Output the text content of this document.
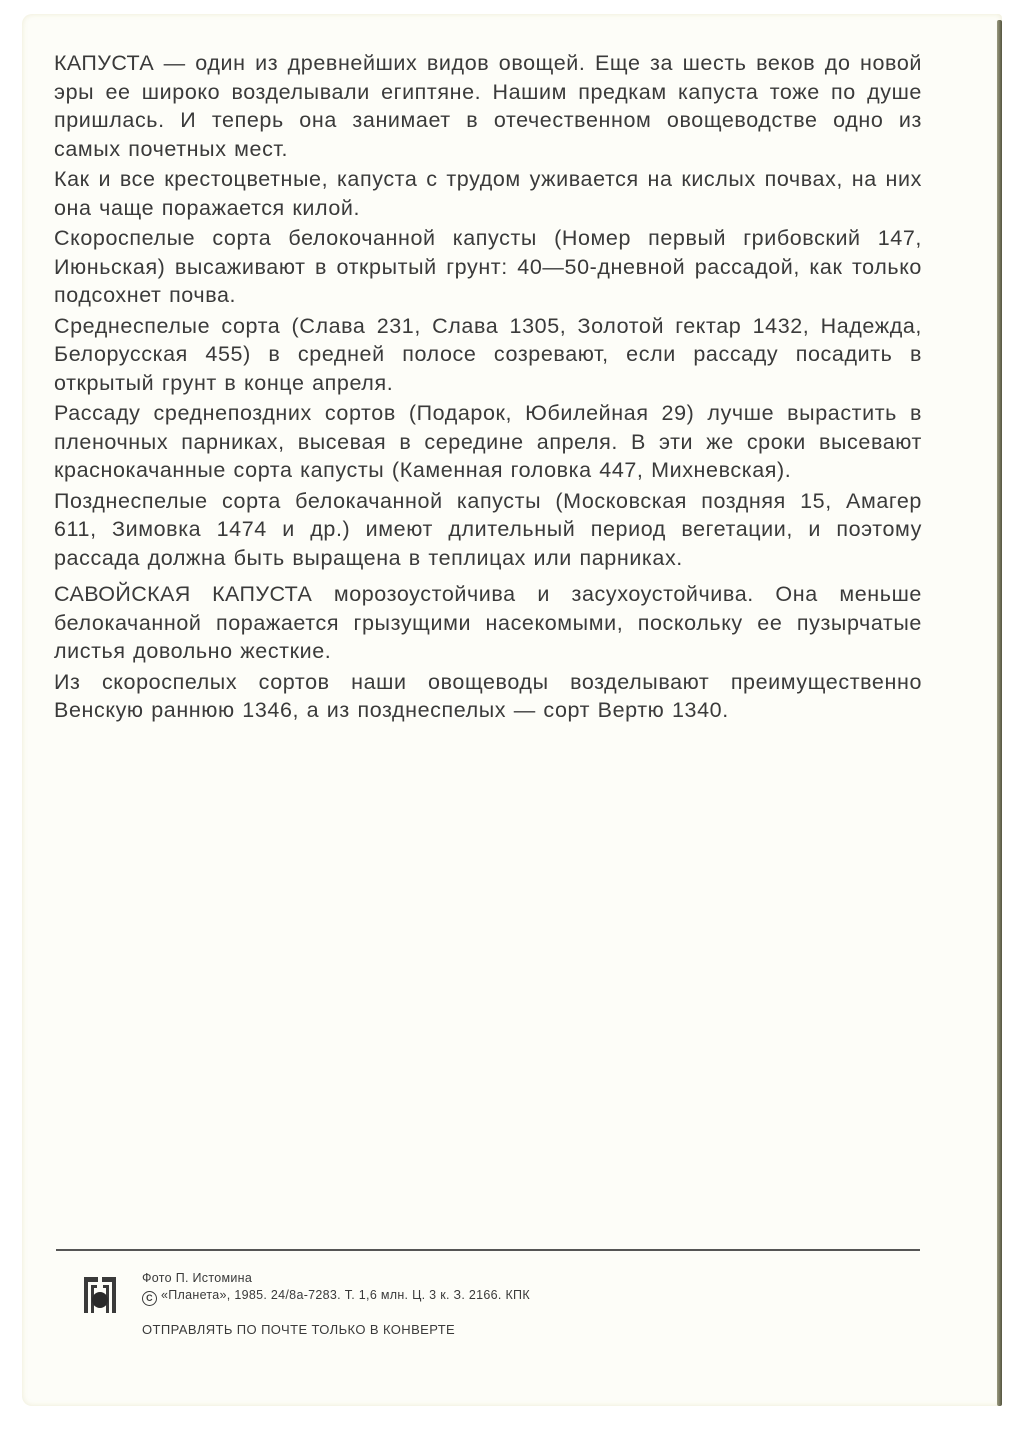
КАПУСТА — один из древнейших видов овощей. Еще за шесть веков до новой эры ее широко возделывали египтяне. Нашим предкам капуста тоже по душе пришлась. И теперь она занимает в отечественном овощеводстве одно из самых почетных мест.

Как и все крестоцветные, капуста с трудом уживается на кислых почвах, на них она чаще поражается килой.

Скороспелые сорта белокочанной капусты (Номер первый грибовский 147, Июньская) высаживают в открытый грунт: 40—50-дневной рассадой, как только подсохнет почва.

Среднеспелые сорта (Слава 231, Слава 1305, Золотой гектар 1432, Надежда, Белорусская 455) в средней полосе созревают, если рассаду посадить в открытый грунт в конце апреля.

Рассаду среднепоздних сортов (Подарок, Юбилейная 29) лучше вырастить в пленочных парниках, высевая в середине апреля. В эти же сроки высевают краснокачанные сорта капусты (Каменная головка 447, Михневская).

Позднеспелые сорта белокачанной капусты (Московская поздняя 15, Амагер 611, Зимовка 1474 и др.) имеют длительный период вегетации, и поэтому рассада должна быть выращена в теплицах или парниках.

САВОЙСКАЯ КАПУСТА морозоустойчива и засухоустойчива. Она меньше белокачанной поражается грызущими насекомыми, поскольку ее пузырчатые листья довольно жесткие.

Из скороспелых сортов наши овощеводы возделывают преимущественно Венскую раннюю 1346, а из позднеспелых — сорт Вертю 1340.

Фото П. Истомина
C «Планета», 1985. 24/8а-7283. Т. 1,6 млн. Ц. 3 к. З. 2166. КПК
ОТПРАВЛЯТЬ ПО ПОЧТЕ ТОЛЬКО В КОНВЕРТЕ
